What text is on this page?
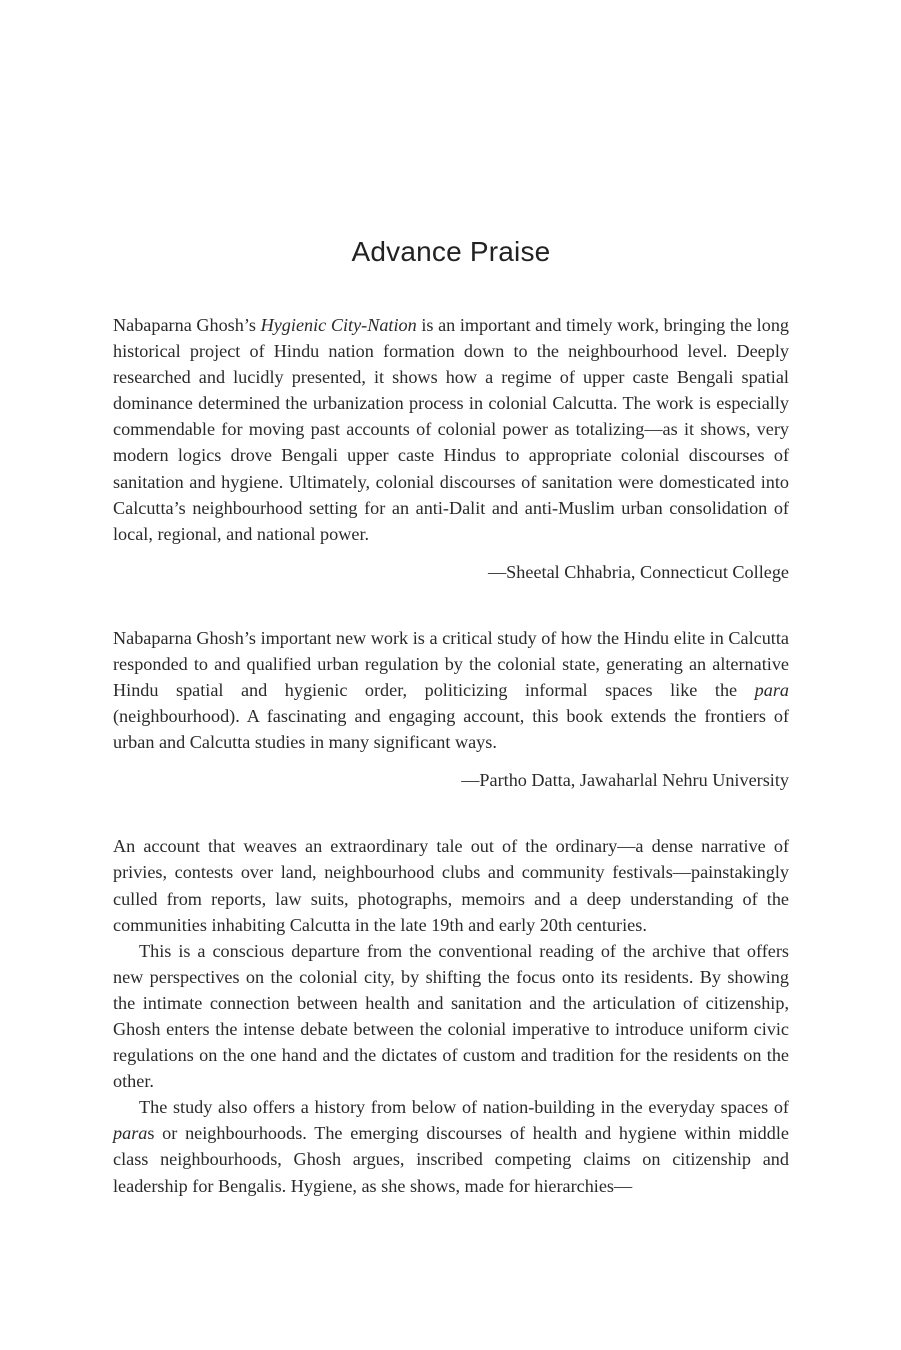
Advance Praise

Nabaparna Ghosh’s Hygienic City-Nation is an important and timely work, bringing the long historical project of Hindu nation formation down to the neighbourhood level. Deeply researched and lucidly presented, it shows how a regime of upper caste Bengali spatial dominance determined the urbanization process in colonial Calcutta. The work is especially commendable for moving past accounts of colonial power as totalizing—as it shows, very modern logics drove Bengali upper caste Hindus to appropriate colonial discourses of sanitation and hygiene. Ultimately, colonial discourses of sanitation were domesticated into Calcutta’s neighbourhood setting for an anti-Dalit and anti-Muslim urban consolidation of local, regional, and national power.

—Sheetal Chhabria, Connecticut College

Nabaparna Ghosh’s important new work is a critical study of how the Hindu elite in Calcutta responded to and qualified urban regulation by the colonial state, generating an alternative Hindu spatial and hygienic order, politicizing informal spaces like the para (neighbourhood). A fascinating and engaging account, this book extends the frontiers of urban and Calcutta studies in many significant ways.

—Partho Datta, Jawaharlal Nehru University

An account that weaves an extraordinary tale out of the ordinary—a dense narrative of privies, contests over land, neighbourhood clubs and community festivals—painstakingly culled from reports, law suits, photographs, memoirs and a deep understanding of the communities inhabiting Calcutta in the late 19th and early 20th centuries.

This is a conscious departure from the conventional reading of the archive that offers new perspectives on the colonial city, by shifting the focus onto its residents. By showing the intimate connection between health and sanitation and the articulation of citizenship, Ghosh enters the intense debate between the colonial imperative to introduce uniform civic regulations on the one hand and the dictates of custom and tradition for the residents on the other.

The study also offers a history from below of nation-building in the everyday spaces of paras or neighbourhoods. The emerging discourses of health and hygiene within middle class neighbourhoods, Ghosh argues, inscribed competing claims on citizenship and leadership for Bengalis. Hygiene, as she shows, made for hierarchies—
